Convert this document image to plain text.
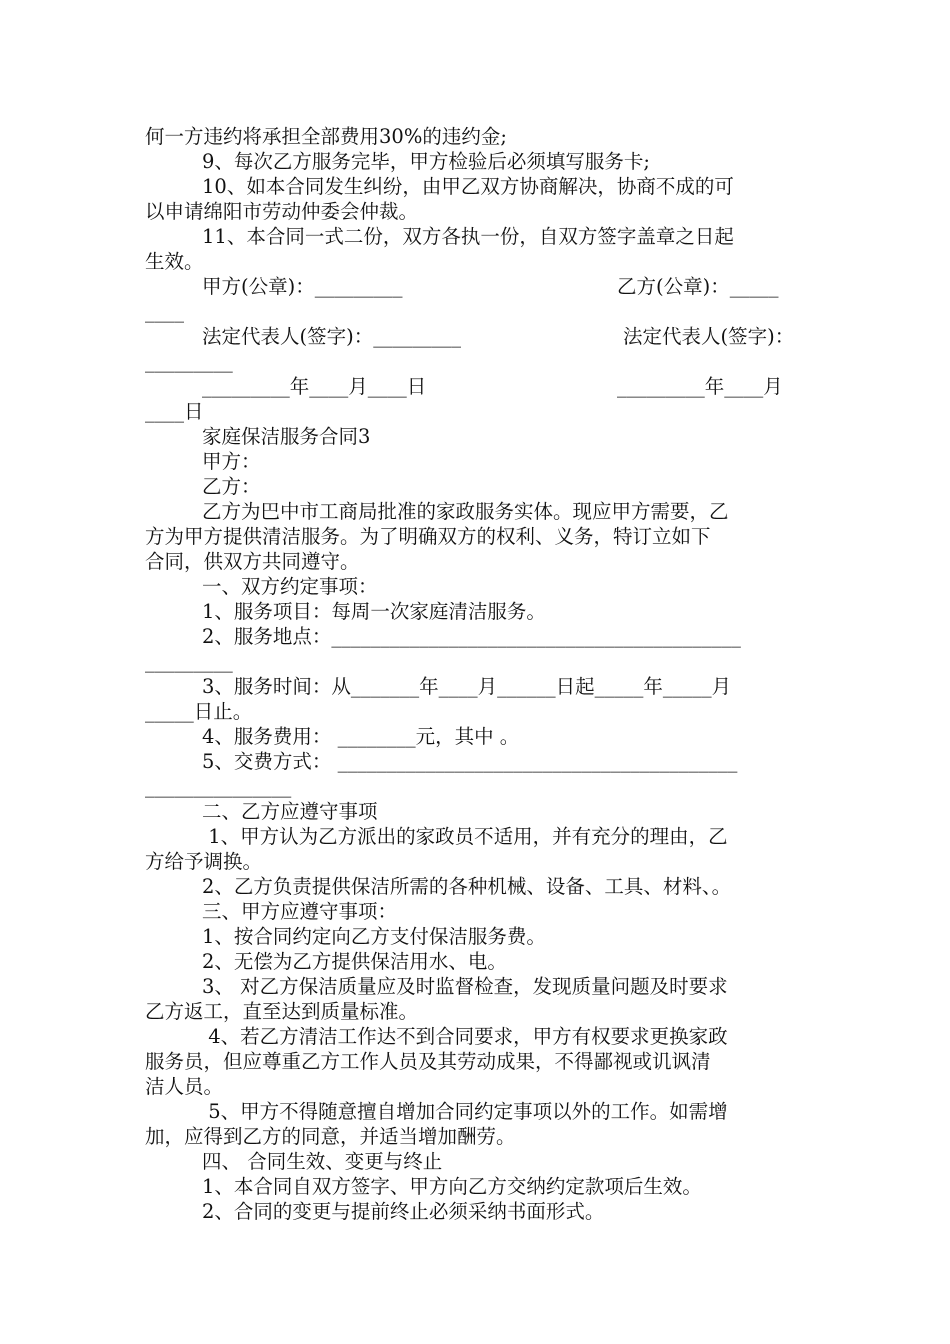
何一方违约将承担全部费用30%的违约金;
9、每次乙方服务完毕，甲方检验后必须填写服务卡;
10、如本合同发生纠纷，由甲乙双方协商解决，协商不成的可
以申请绵阳市劳动仲委会仲裁。
11、本合同一式二份，双方各执一份，自双方签字盖章之日起
生效。

甲方(公章)：_________

	乙方(公章)：_____

____

法定代表人(签字)：_________

	法定代表人(签字)：

_________

_________年____月____日

	_________年____月

____日
家庭保洁服务合同3
甲方：
乙方：
乙方为巴中市工商局批准的家政服务实体。现应甲方需要，乙
方为甲方提供清洁服务。为了明确双方的权利、义务，特订立如下
合同，供双方共同遵守。
一、双方约定事项：
1、服务项目：每周一次家庭清洁服务。
2、服务地点：__________________________________________
_________
3、服务时间：从_______年____月______日起_____年_____月
_____日止。
4、服务费用： ________元，其中 。
5、交费方式： _________________________________________
_______________
二、乙方应遵守事项
1、甲方认为乙方派出的家政员不适用，并有充分的理由，乙
方给予调换。
2、乙方负责提供保洁所需的各种机械、设备、工具、材料、。
三、甲方应遵守事项：
1、按合同约定向乙方支付保洁服务费。
2、无偿为乙方提供保洁用水、电。
3、 对乙方保洁质量应及时监督检查，发现质量问题及时要求
乙方返工，直至达到质量标准。
4、若乙方清洁工作达不到合同要求，甲方有权要求更换家政
服务员，但应尊重乙方工作人员及其劳动成果，不得鄙视或讥讽清
洁人员。
5、甲方不得随意擅自增加合同约定事项以外的工作。如需增
加，应得到乙方的同意，并适当增加酬劳。
四、 合同生效、变更与终止
1、本合同自双方签字、甲方向乙方交纳约定款项后生效。
2、合同的变更与提前终止必须采纳书面形式。
